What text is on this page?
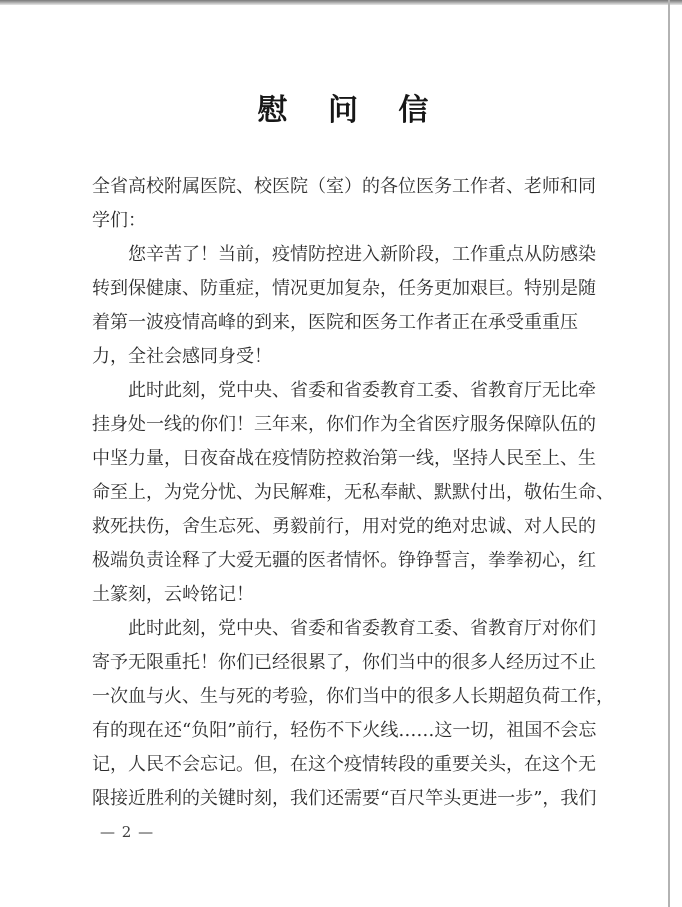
慰 问 信
全省高校附属医院、校医院（室）的各位医务工作者、老师和同
学们：
您辛苦了！当前，疫情防控进入新阶段，工作重点从防感染
转到保健康、防重症，情况更加复杂，任务更加艰巨。特别是随
着第一波疫情高峰的到来，医院和医务工作者正在承受重重压
力，全社会感同身受！
此时此刻，党中央、省委和省委教育工委、省教育厅无比牵
挂身处一线的你们！三年来，你们作为全省医疗服务保障队伍的
中坚力量，日夜奋战在疫情防控救治第一线，坚持人民至上、生
命至上，为党分忧、为民解难，无私奉献、默默付出，敬佑生命、
救死扶伤，舍生忘死、勇毅前行，用对党的绝对忠诚、对人民的
极端负责诠释了大爱无疆的医者情怀。铮铮誓言，拳拳初心，红
土篆刻，云岭铭记！
此时此刻，党中央、省委和省委教育工委、省教育厅对你们
寄予无限重托！你们已经很累了，你们当中的很多人经历过不止
一次血与火、生与死的考验，你们当中的很多人长期超负荷工作，
有的现在还“负阳”前行，轻伤不下火线……这一切，祖国不会忘
记，人民不会忘记。但，在这个疫情转段的重要关头，在这个无
限接近胜利的关键时刻，我们还需要“百尺竿头更进一步”，我们
— 2 —
